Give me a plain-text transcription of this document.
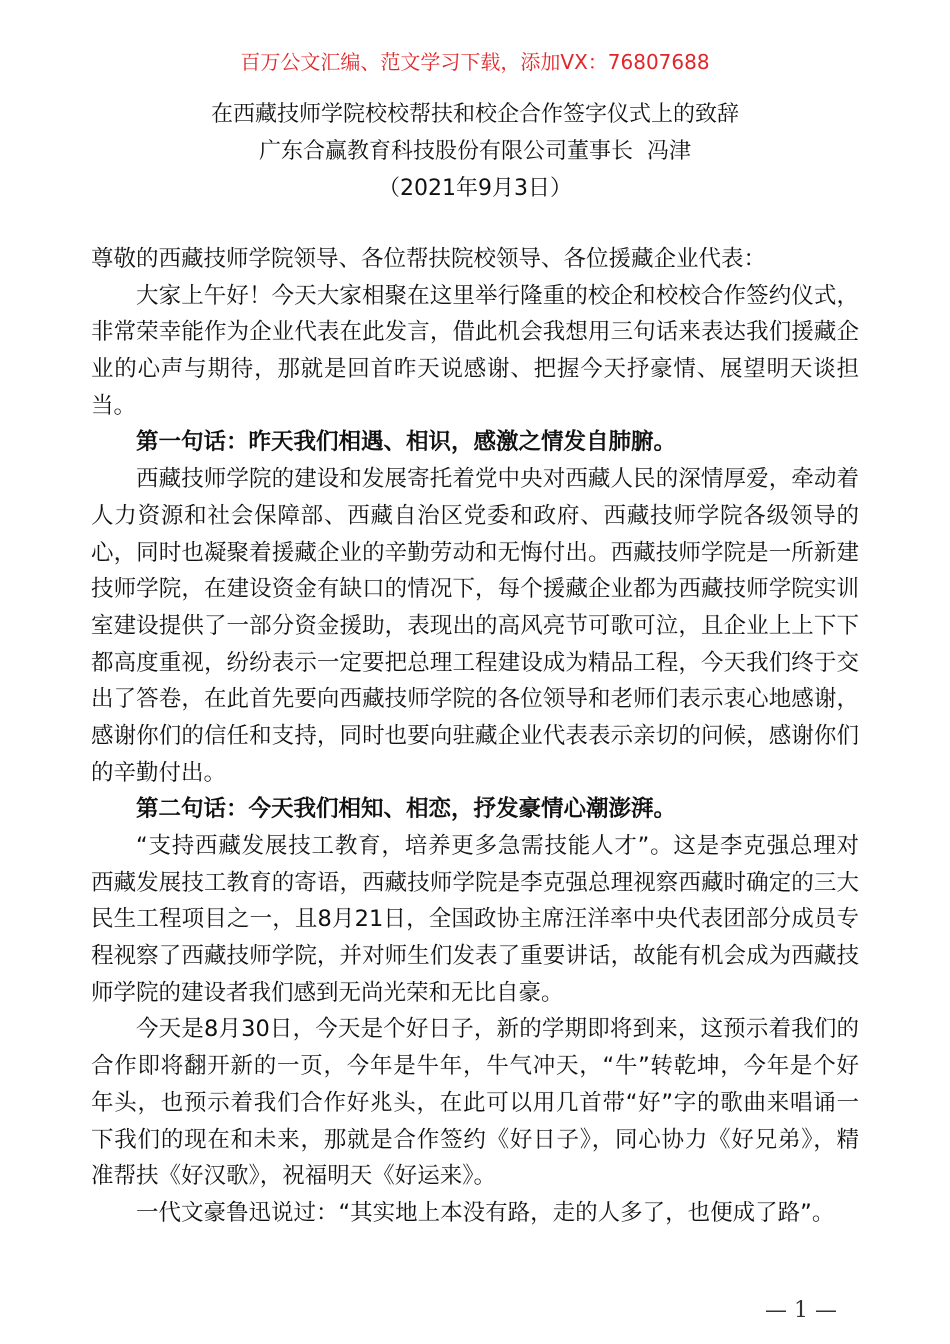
百万公文汇编、范文学习下载，添加VX：76807688
在西藏技师学院校校帮扶和校企合作签字仪式上的致辞
广东合赢教育科技股份有限公司董事长  冯津
（2021年9月3日）
尊敬的西藏技师学院领导、各位帮扶院校领导、各位援藏企业代表：
大家上午好！今天大家相聚在这里举行隆重的校企和校校合作签约仪式，
非常荣幸能作为企业代表在此发言，借此机会我想用三句话来表达我们援藏企
业的心声与期待，那就是回首昨天说感谢、把握今天抒豪情、展望明天谈担
当。
第一句话：昨天我们相遇、相识，感激之情发自肺腑。
西藏技师学院的建设和发展寄托着党中央对西藏人民的深情厚爱，牵动着
人力资源和社会保障部、西藏自治区党委和政府、西藏技师学院各级领导的
心，同时也凝聚着援藏企业的辛勤劳动和无悔付出。西藏技师学院是一所新建
技师学院，在建设资金有缺口的情况下，每个援藏企业都为西藏技师学院实训
室建设提供了一部分资金援助，表现出的高风亮节可歌可泣，且企业上上下下
都高度重视，纷纷表示一定要把总理工程建设成为精品工程，今天我们终于交
出了答卷，在此首先要向西藏技师学院的各位领导和老师们表示衷心地感谢，
感谢你们的信任和支持，同时也要向驻藏企业代表表示亲切的问候，感谢你们
的辛勤付出。
第二句话：今天我们相知、相恋，抒发豪情心潮澎湃。
“支持西藏发展技工教育，培养更多急需技能人才”。这是李克强总理对
西藏发展技工教育的寄语，西藏技师学院是李克强总理视察西藏时确定的三大
民生工程项目之一，且8月21日，全国政协主席汪洋率中央代表团部分成员专
程视察了西藏技师学院，并对师生们发表了重要讲话，故能有机会成为西藏技
师学院的建设者我们感到无尚光荣和无比自豪。
今天是8月30日，今天是个好日子，新的学期即将到来，这预示着我们的
合作即将翻开新的一页，今年是牛年，牛气冲天，“牛”转乾坤，今年是个好
年头，也预示着我们合作好兆头，在此可以用几首带“好”字的歌曲来唱诵一
下我们的现在和未来，那就是合作签约《好日子》，同心协力《好兄弟》，精
准帮扶《好汉歌》，祝福明天《好运来》。
一代文豪鲁迅说过：“其实地上本没有路，走的人多了，也便成了路”。
— 1 —
